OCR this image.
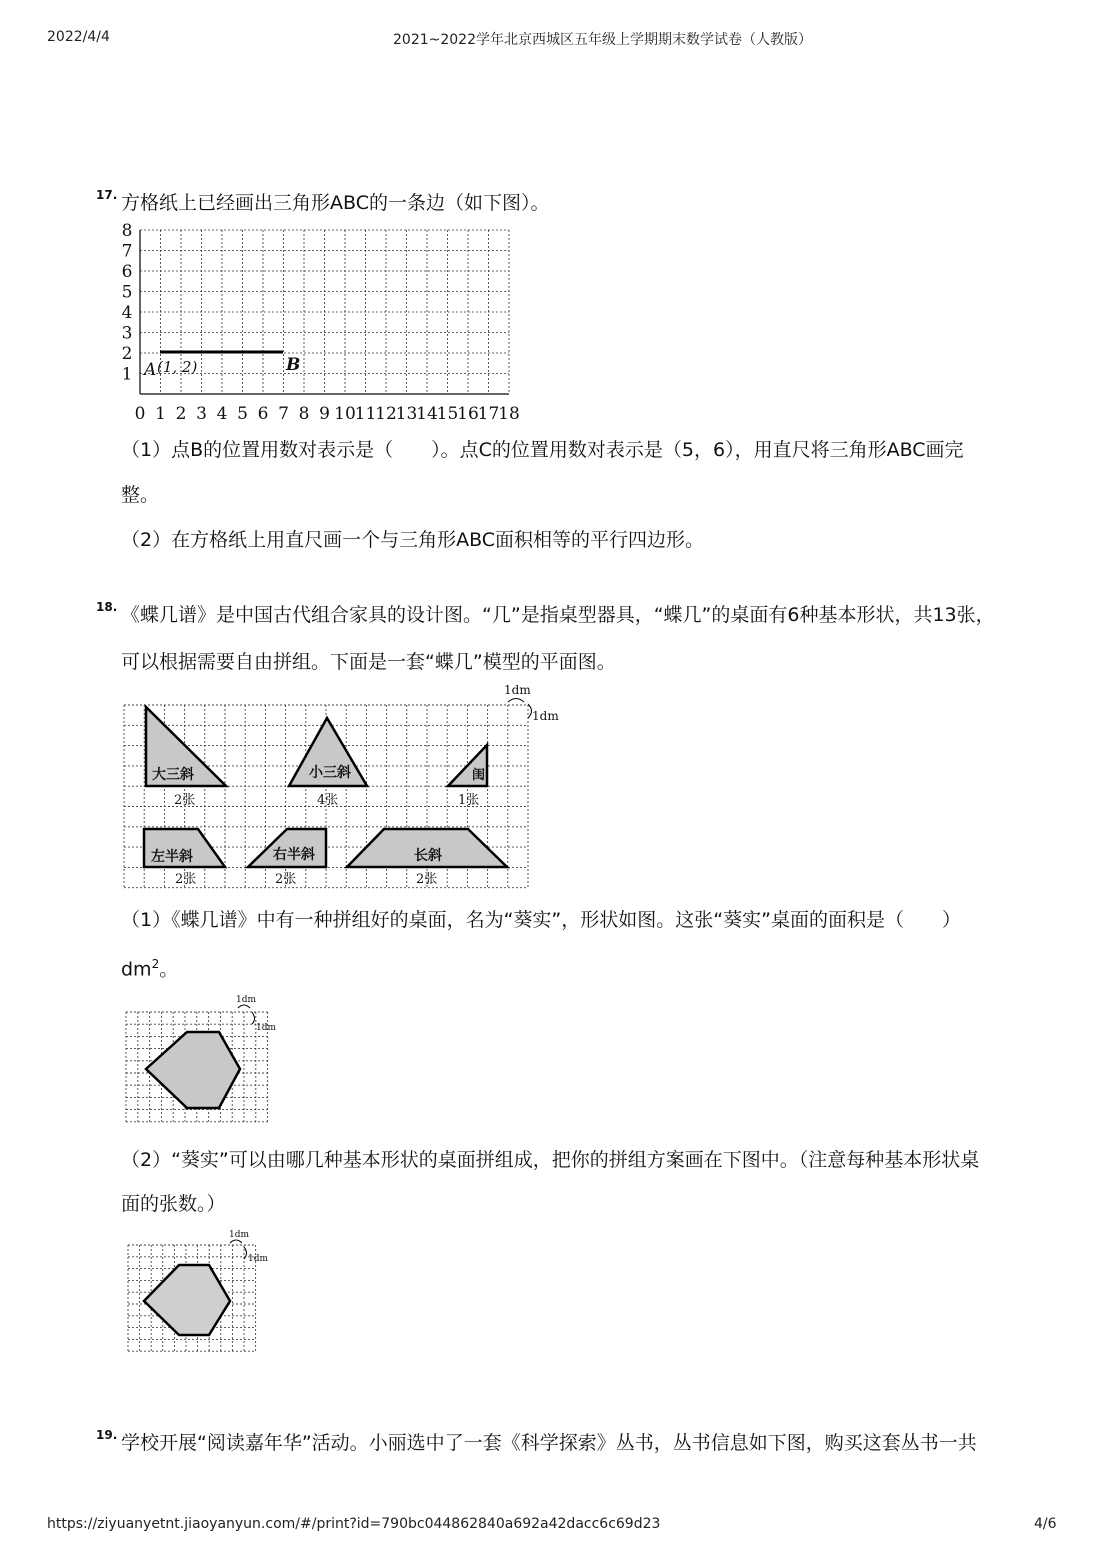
2022/4/4	2021~2022学年北京西城区五年级上学期期末数学试卷（人教版）
17. 方格纸上已经画出三角形ABC的一条边（如下图）。
0 1 2 3 4 5 6 7 8 9 10
11
12
13
14
15
16
17
18
1
2
3
4
5
6
7
8
A (1, 2)	B
（1）点B的位置用数对表示是（　　）。点C的位置用数对表示是（5，6），用直尺将三角形ABC画完
整。
（2）在方格纸上用直尺画一个与三角形ABC面积相等的平行四边形。
18. 《蝶几谱》是中国古代组合家具的设计图。“几”是指桌型器具，“蝶几”的桌面有6种基本形状，共13张，
可以根据需要自由拼组。下面是一套“蝶几”模型的平面图。
1dm
1dm
大三斜
2张
小三斜
4张
闺
1张
左半斜
2张
右半斜
2张
长斜
2张
（1）《蝶几谱》中有一种拼组好的桌面，名为“葵实”，形状如图。这张“葵实”桌面的面积是（　　）
$dm^2$。
1dm
1dm
（2）“葵实”可以由哪几种基本形状的桌面拼组成，把你的拼组方案画在下图中。（注意每种基本形状桌
面的张数。）
1dm
1dm
19. 学校开展“阅读嘉年华”活动。小丽选中了一套《科学探索》丛书，丛书信息如下图，购买这套丛书一共
https://ziyuanyetnt.jiaoyanyun.com/#/print?id=790bc044862840a692a42dacc6c69d23	4/6
